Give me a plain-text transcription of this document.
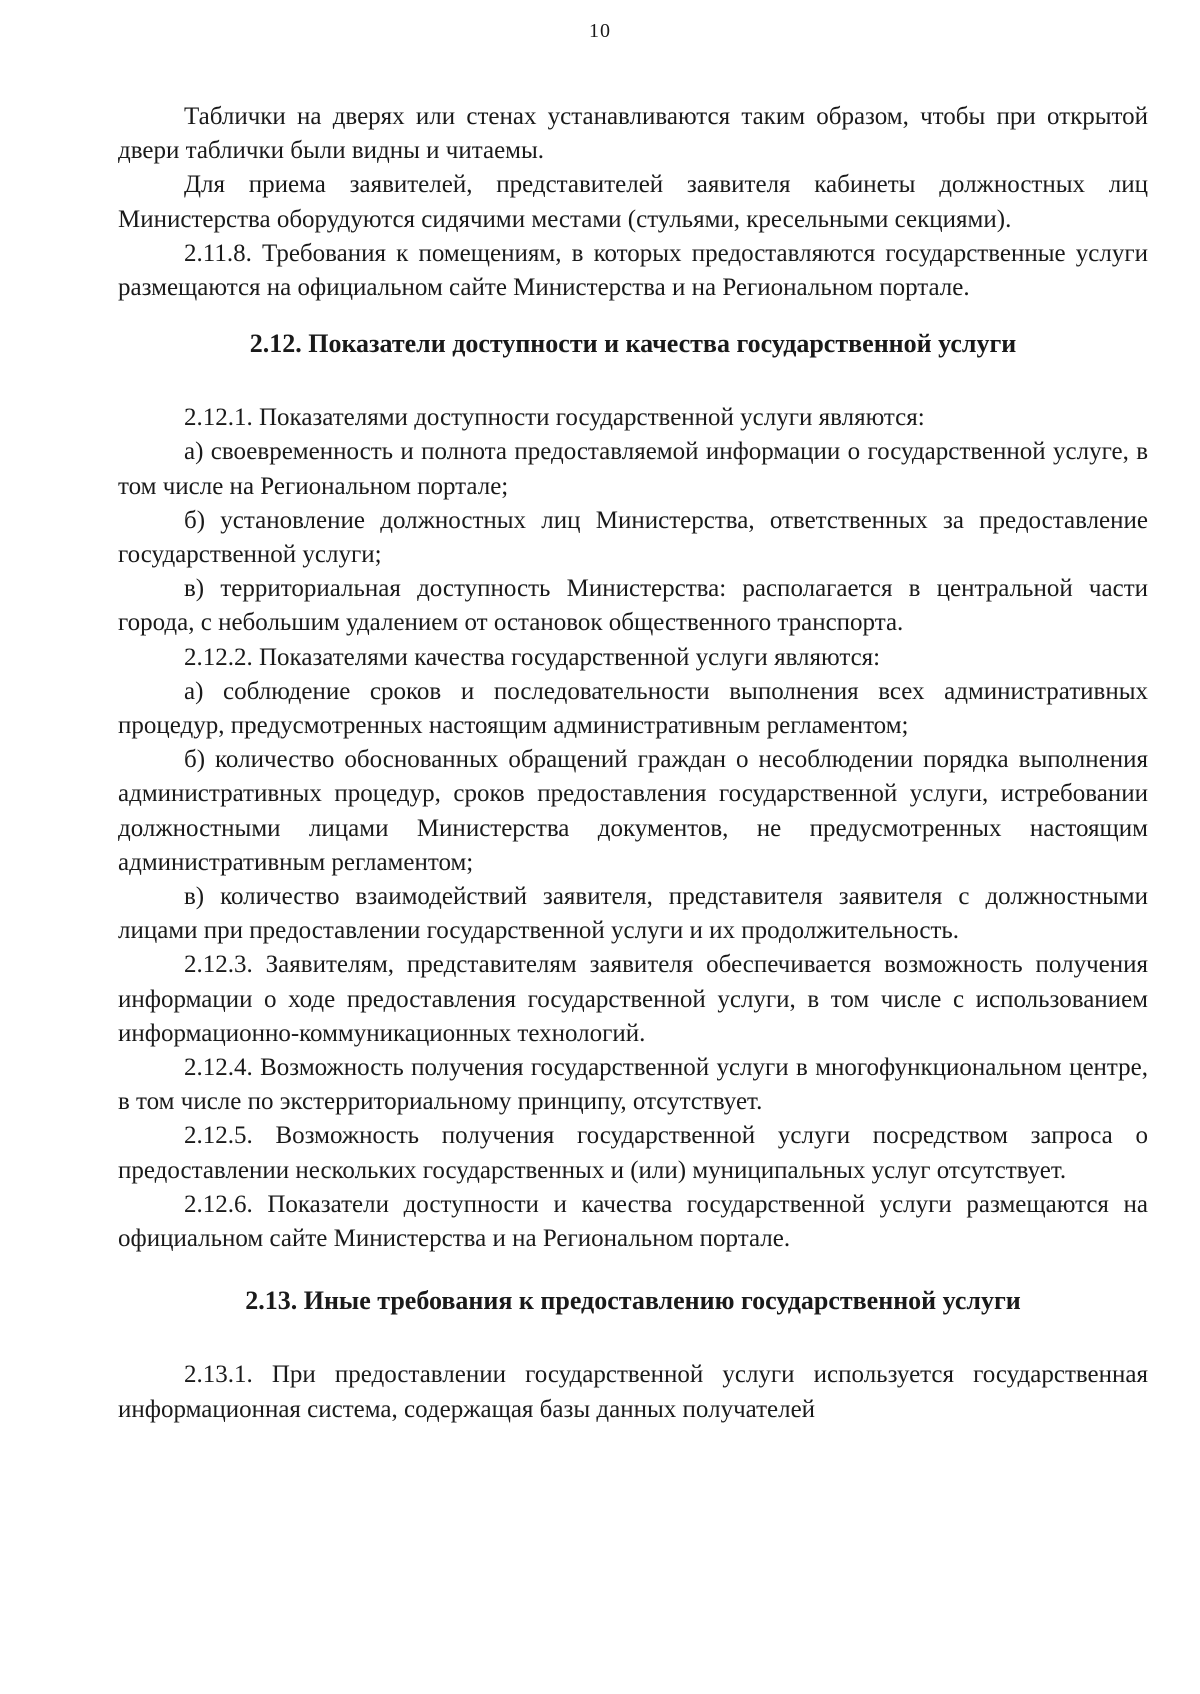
10

Таблички на дверях или стенах устанавливаются таким образом, чтобы при открытой двери таблички были видны и читаемы.

Для приема заявителей, представителей заявителя кабинеты должностных лиц Министерства оборудуются сидячими местами (стульями, кресельными секциями).

2.11.8. Требования к помещениям, в которых предоставляются государственные услуги размещаются на официальном сайте Министерства и на Региональном портале.

2.12. Показатели доступности и качества государственной услуги

2.12.1. Показателями доступности государственной услуги являются:

а) своевременность и полнота предоставляемой информации о государственной услуге, в том числе на Региональном портале;

б) установление должностных лиц Министерства, ответственных за предоставление государственной услуги;

в) территориальная доступность Министерства: располагается в центральной части города, с небольшим удалением от остановок общественного транспорта.

2.12.2. Показателями качества государственной услуги являются:

а) соблюдение сроков и последовательности выполнения всех административных процедур, предусмотренных настоящим административным регламентом;

б) количество обоснованных обращений граждан о несоблюдении порядка выполнения административных процедур, сроков предоставления государственной услуги, истребовании должностными лицами Министерства документов, не предусмотренных настоящим административным регламентом;

в) количество взаимодействий заявителя, представителя заявителя с должностными лицами при предоставлении государственной услуги и их продолжительность.

2.12.3. Заявителям, представителям заявителя обеспечивается возможность получения информации о ходе предоставления государственной услуги, в том числе с использованием информационно-коммуникационных технологий.

2.12.4. Возможность получения государственной услуги в многофункциональном центре, в том числе по экстерриториальному принципу, отсутствует.

2.12.5. Возможность получения государственной услуги посредством запроса о предоставлении нескольких государственных и (или) муниципальных услуг отсутствует.

2.12.6. Показатели доступности и качества государственной услуги размещаются на официальном сайте Министерства и на Региональном портале.

2.13. Иные требования к предоставлению государственной услуги

2.13.1. При предоставлении государственной услуги используется государственная информационная система, содержащая базы данных получателей
